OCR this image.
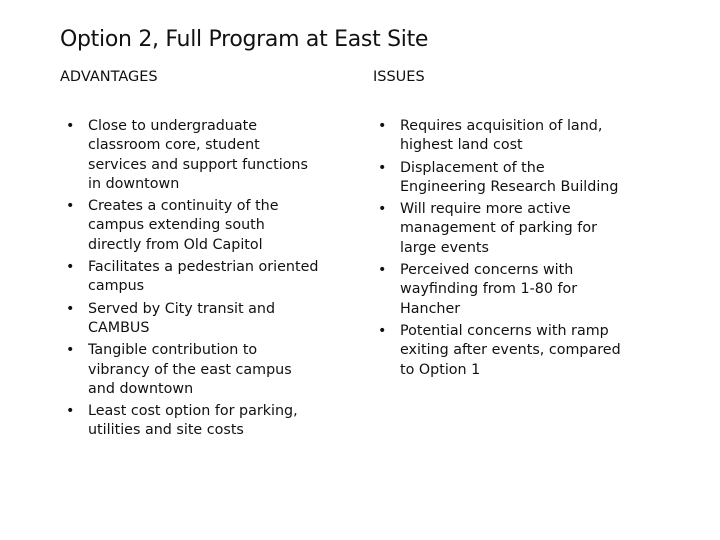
Option 2, Full Program at East Site
ADVANTAGES	ISSUES
• Close to undergraduate
classroom core, student
services and support functions
in downtown
• Creates a continuity of the
campus extending south
directly from Old Capitol
• Facilitates a pedestrian oriented
campus
• Served by City transit and
CAMBUS
• Tangible contribution to
vibrancy of the east campus
and downtown
• Least cost option for parking,
utilities and site costs
• Requires acquisition of land,
highest land cost
• Displacement of the
Engineering Research Building
• Will require more active
management of parking for
large events
• Perceived concerns with
wayfinding from 1-80 for
Hancher
• Potential concerns with ramp
exiting after events, compared
to Option 1
